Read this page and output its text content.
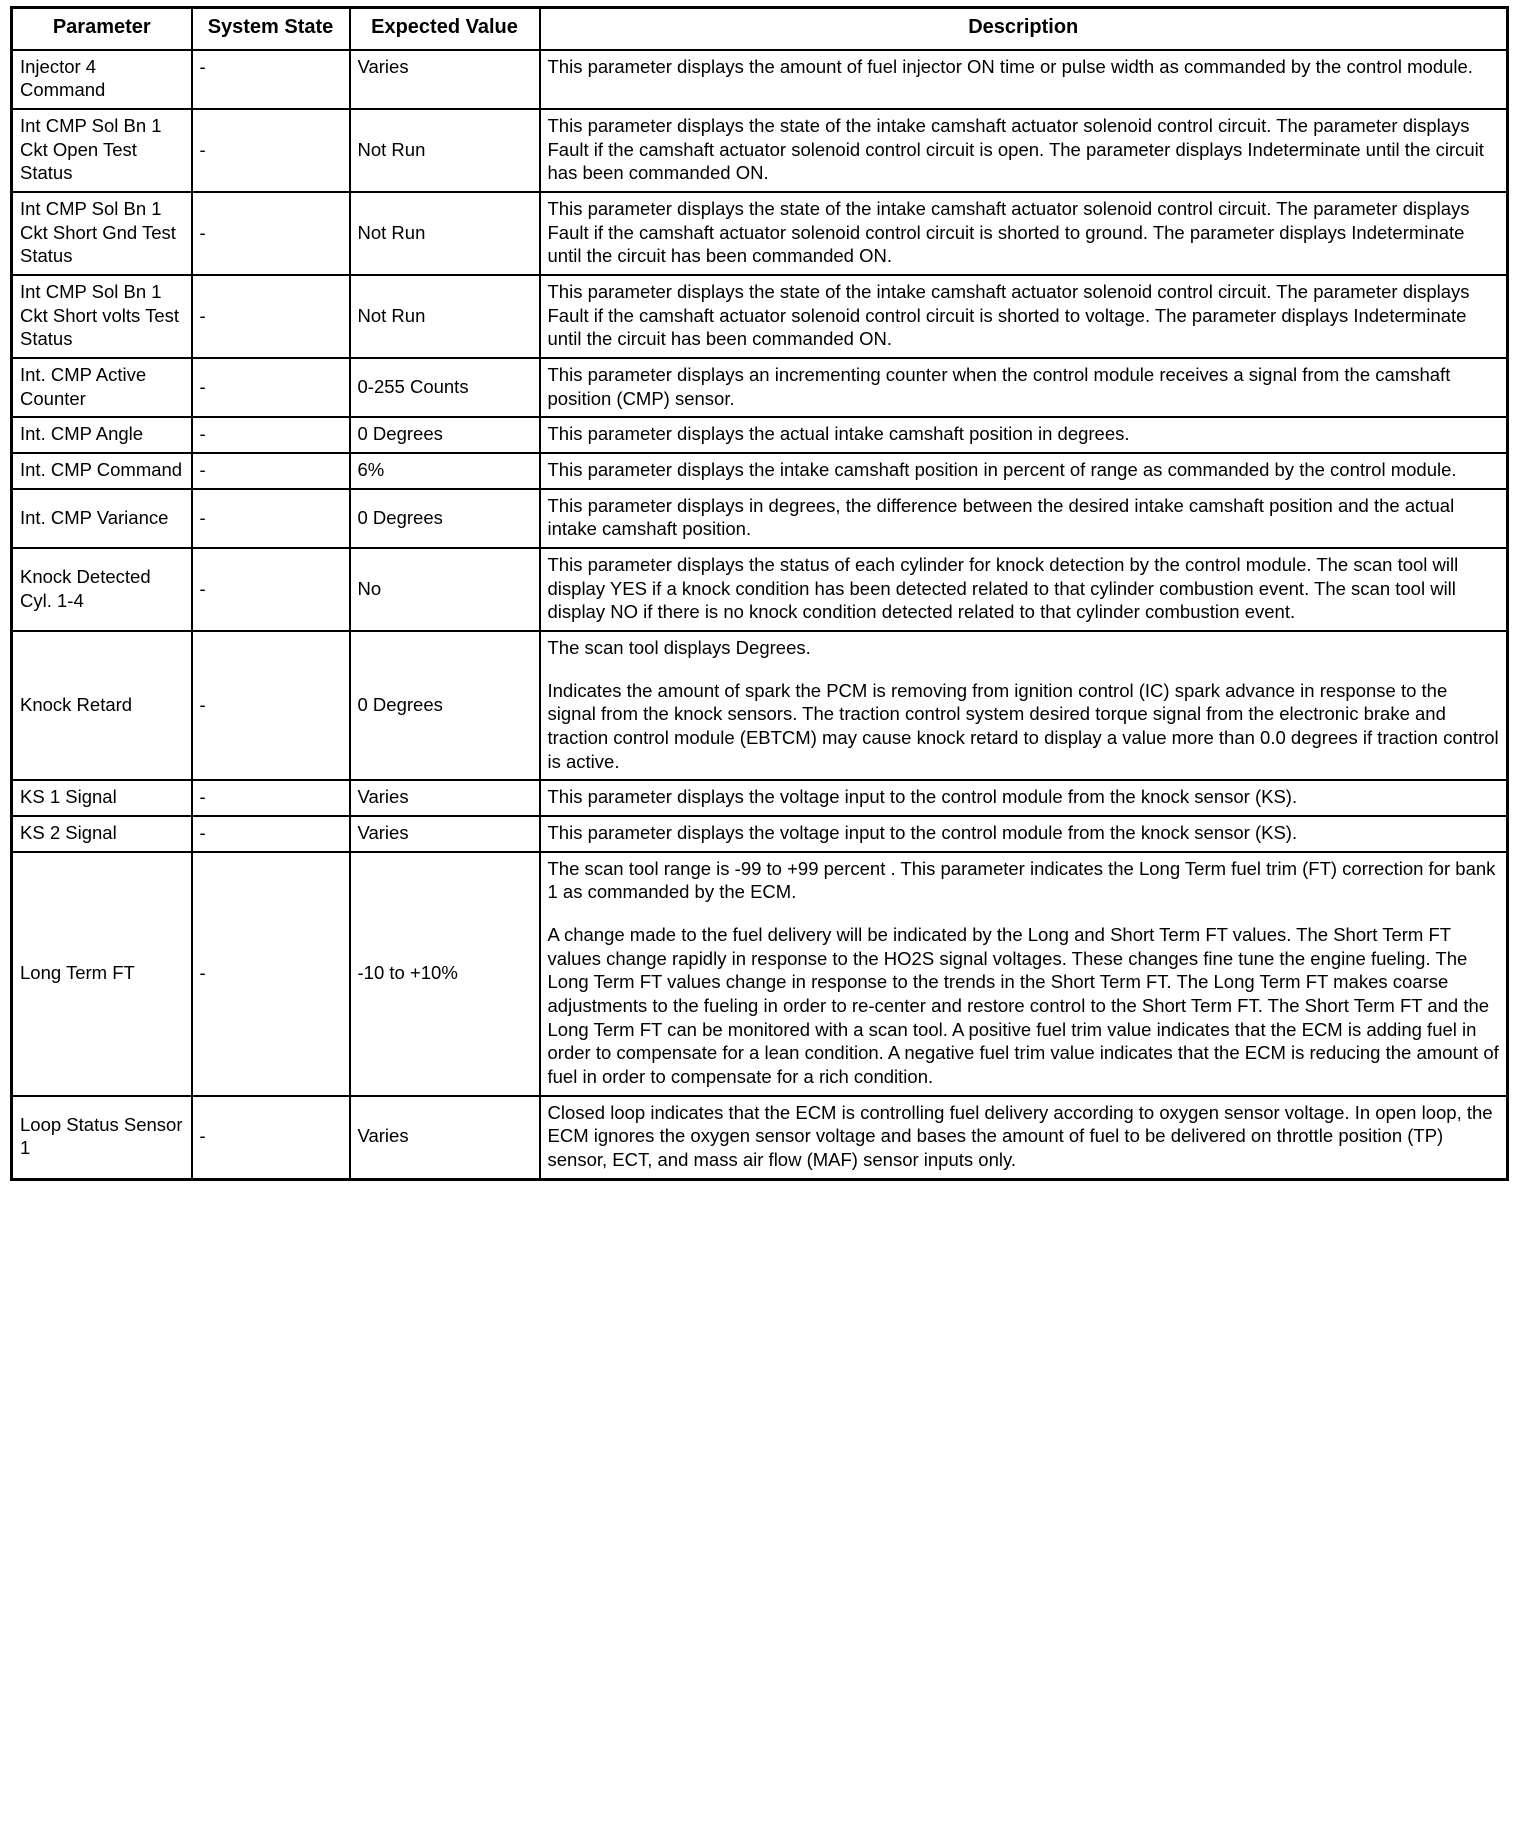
Parameter	System State	Expected Value	Description
Injector 4 Command	-	Varies	This parameter displays the amount of fuel injector ON time or pulse width as commanded by the control module.

Int CMP Sol Bn 1 Ckt Open Test Status	-	Not Run	This parameter displays the state of the intake camshaft actuator solenoid control circuit. The parameter displays Fault if the camshaft actuator solenoid control circuit is open. The parameter displays Indeterminate until the circuit has been commanded ON.

Int CMP Sol Bn 1 Ckt Short Gnd Test Status	-	Not Run	This parameter displays the state of the intake camshaft actuator solenoid control circuit. The parameter displays Fault if the camshaft actuator solenoid control circuit is shorted to ground. The parameter displays Indeterminate until the circuit has been commanded ON.

Int CMP Sol Bn 1 Ckt Short volts Test Status	-	Not Run	This parameter displays the state of the intake camshaft actuator solenoid control circuit. The parameter displays Fault if the camshaft actuator solenoid control circuit is shorted to voltage. The parameter displays Indeterminate until the circuit has been commanded ON.

Int. CMP Active Counter	-	0-255 Counts	This parameter displays an incrementing counter when the control module receives a signal from the camshaft position (CMP) sensor.

Int. CMP Angle	-	0 Degrees	This parameter displays the actual intake camshaft position in degrees.

Int. CMP Command	-	6%	This parameter displays the intake camshaft position in percent of range as commanded by the control module.

Int. CMP Variance	-	0 Degrees	This parameter displays in degrees, the difference between the desired intake camshaft position and the actual intake camshaft position.

Knock Detected Cyl. 1-4	-	No	This parameter displays the status of each cylinder for knock detection by the control module. The scan tool will display YES if a knock condition has been detected related to that cylinder combustion event. The scan tool will display NO if there is no knock condition detected related to that cylinder combustion event.

Knock Retard	-	0 Degrees	The scan tool displays Degrees.

Indicates the amount of spark the PCM is removing from ignition control (IC) spark advance in response to the signal from the knock sensors. The traction control system desired torque signal from the electronic brake and traction control module (EBTCM) may cause knock retard to display a value more than 0.0 degrees if traction control is active.

KS 1 Signal	-	Varies	This parameter displays the voltage input to the control module from the knock sensor (KS).

KS 2 Signal	-	Varies	This parameter displays the voltage input to the control module from the knock sensor (KS).

Long Term FT	-	-10 to +10%	The scan tool range is -99 to +99 percent . This parameter indicates the Long Term fuel trim (FT) correction for bank 1 as commanded by the ECM.

A change made to the fuel delivery will be indicated by the Long and Short Term FT values. The Short Term FT values change rapidly in response to the HO2S signal voltages. These changes fine tune the engine fueling. The Long Term FT values change in response to the trends in the Short Term FT. The Long Term FT makes coarse adjustments to the fueling in order to re-center and restore control to the Short Term FT. The Short Term FT and the Long Term FT can be monitored with a scan tool. A positive fuel trim value indicates that the ECM is adding fuel in order to compensate for a lean condition. A negative fuel trim value indicates that the ECM is reducing the amount of fuel in order to compensate for a rich condition.

Loop Status Sensor 1	-	Varies	Closed loop indicates that the ECM is controlling fuel delivery according to oxygen sensor voltage. In open loop, the ECM ignores the oxygen sensor voltage and bases the amount of fuel to be delivered on throttle position (TP) sensor, ECT, and mass air flow (MAF) sensor inputs only.
